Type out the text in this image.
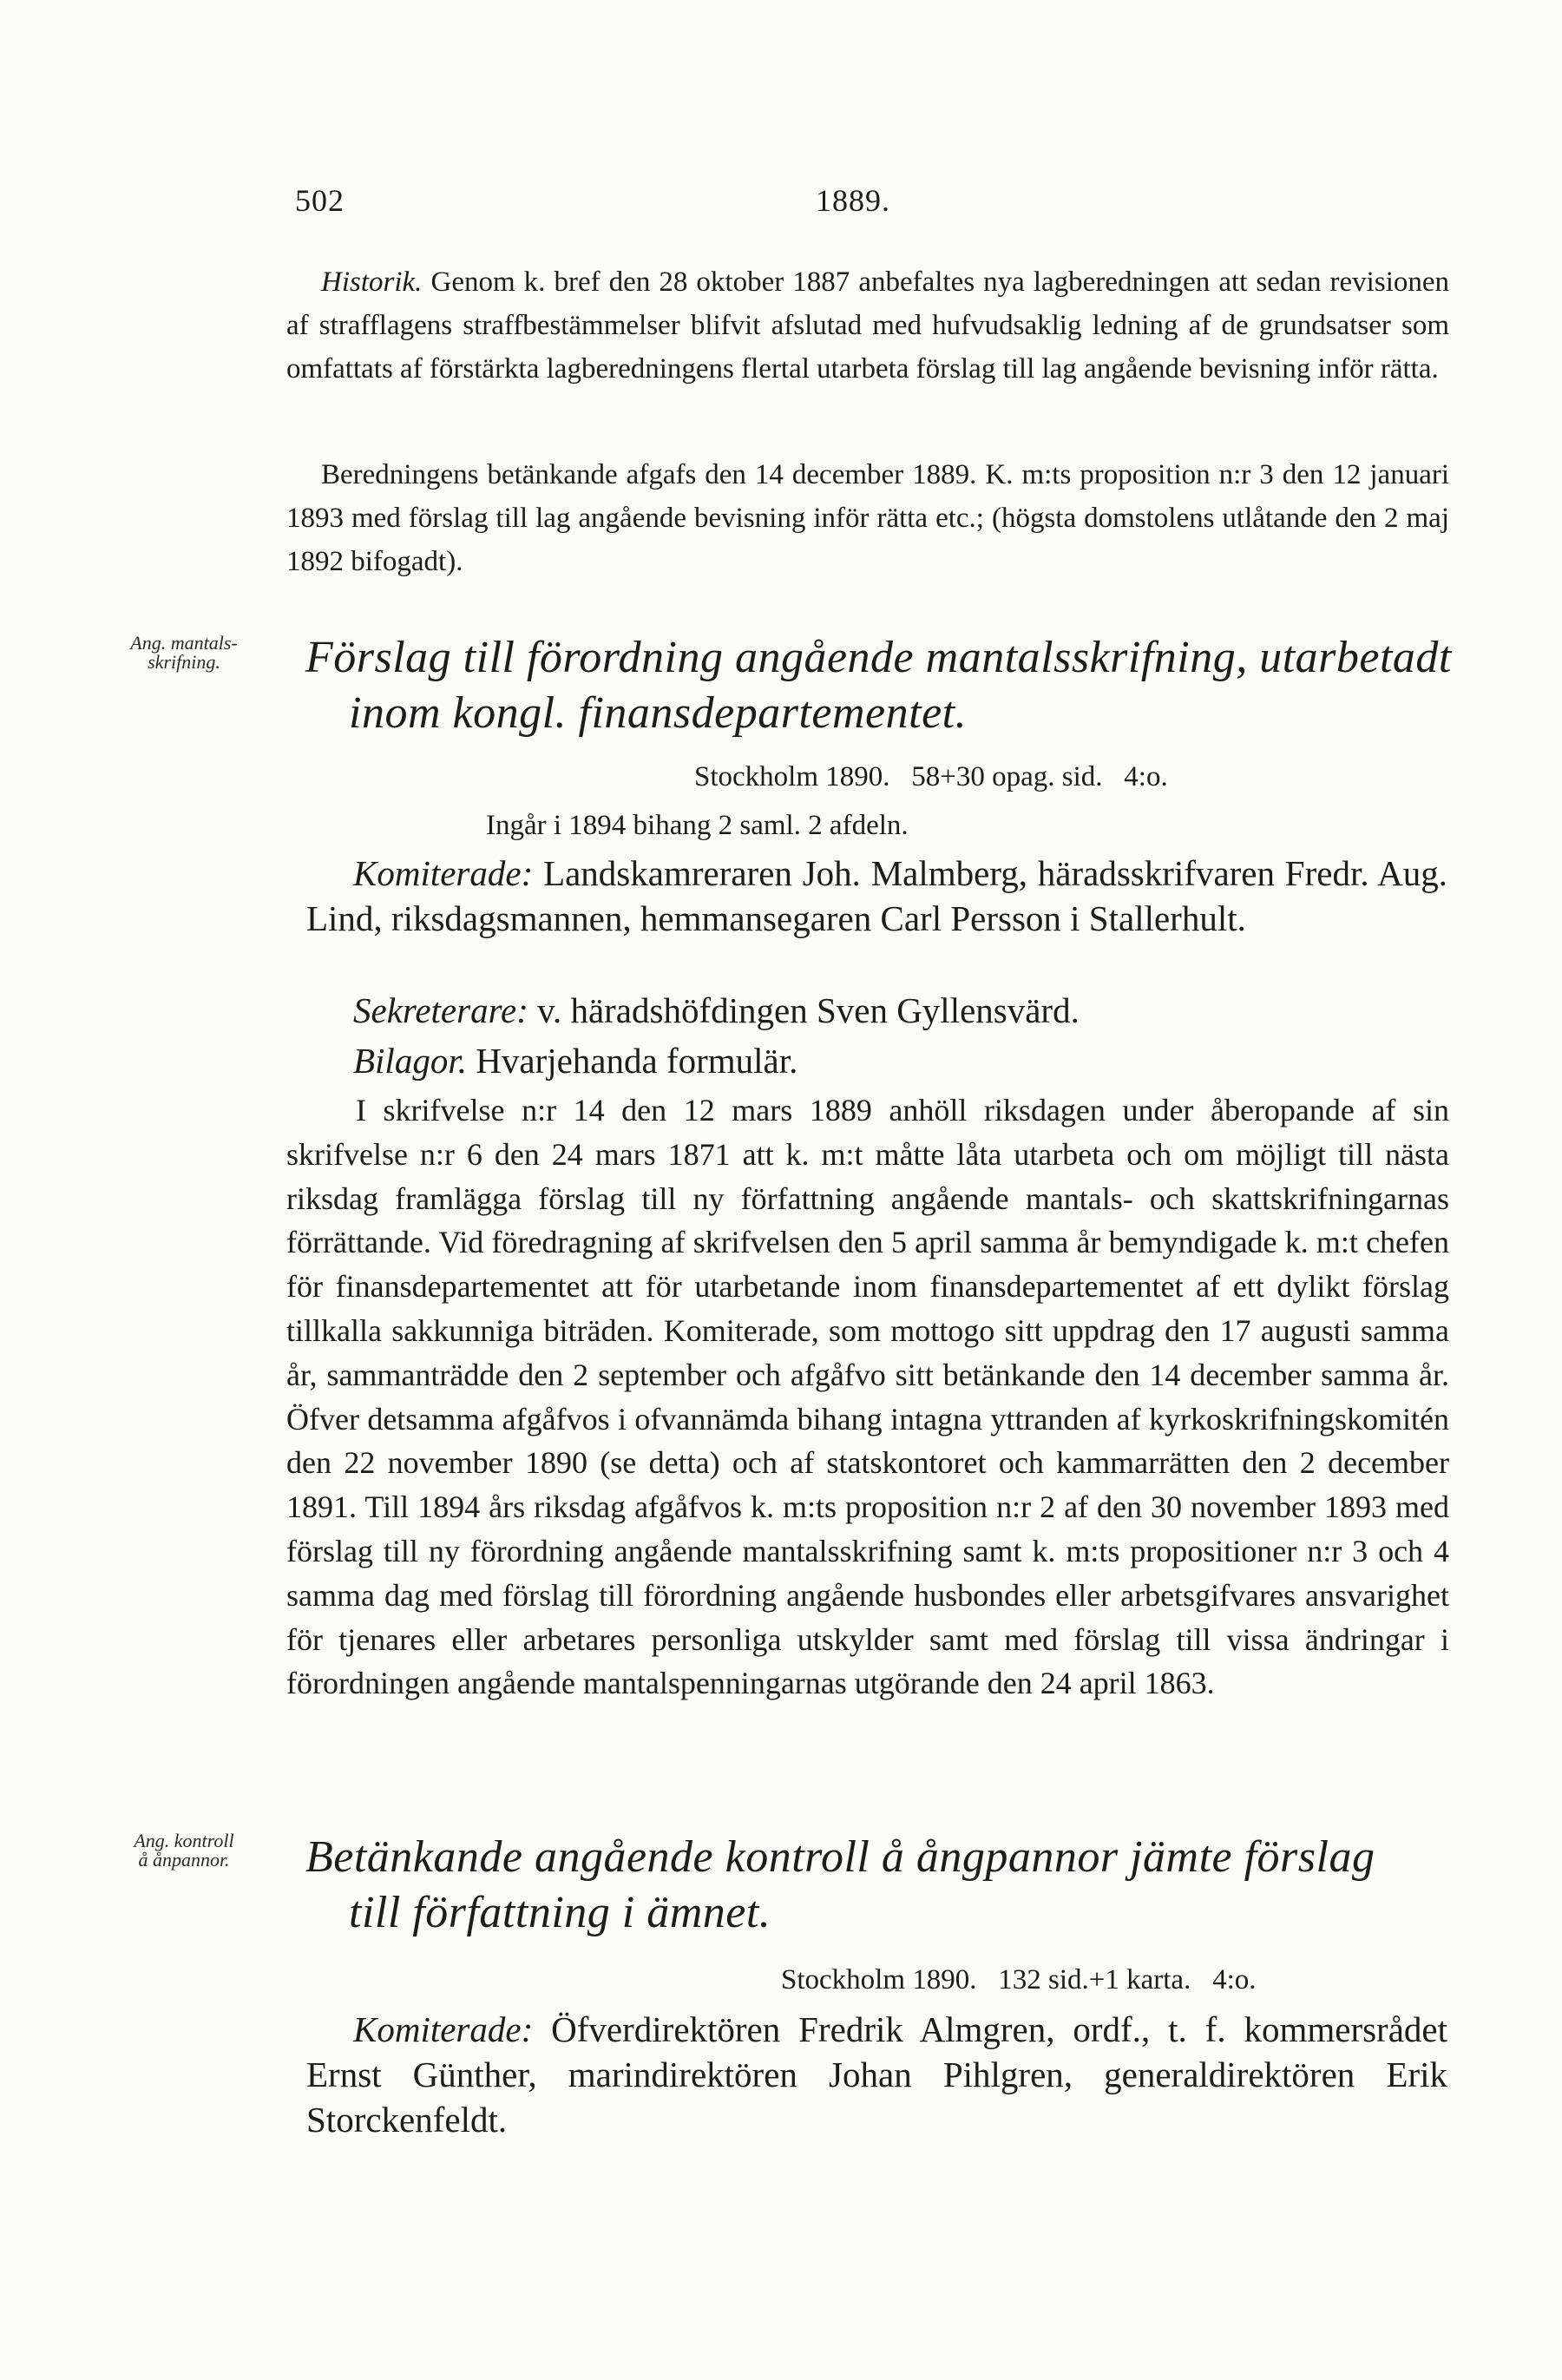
502	1889.

Historik. Genom k. bref den 28 oktober 1887 anbefaltes nya lagberedningen att sedan revisionen af strafflagens straffbestämmelser blifvit afslutad med hufvudsaklig ledning af de grundsatser som omfattats af förstärkta lagberedningens flertal utarbeta förslag till lag angående bevisning inför rätta.

Beredningens betänkande afgafs den 14 december 1889. K. m:ts proposition n:r 3 den 12 januari 1893 med förslag till lag angående bevisning inför rätta etc.; (högsta domstolens utlåtande den 2 maj 1892 bifogadt).

Ang. mantals-
skrifning.	Förslag till förordning angående mantalsskrifning, utarbetadt
inom kongl. finansdepartementet.

Stockholm 1890.   58+30 opag. sid.   4:o.

Ingår i 1894 bihang 2 saml. 2 afdeln.

Komiterade: Landskamreraren Joh. Malmberg, häradsskrifvaren Fredr. Aug. Lind, riksdagsmannen, hemmansegaren Carl Persson i Stallerhult.

Sekreterare: v. häradshöfdingen Sven Gyllensvärd.

Bilagor. Hvarjehanda formulär.

I skrifvelse n:r 14 den 12 mars 1889 anhöll riksdagen under åberopande af sin skrifvelse n:r 6 den 24 mars 1871 att k. m:t måtte låta utarbeta och om möjligt till nästa riksdag framlägga förslag till ny författning angående mantals- och skattskrifningarnas förrättande. Vid föredragning af skrifvelsen den 5 april samma år bemyndigade k. m:t chefen för finansdepartementet att för utarbetande inom finansdepartementet af ett dylikt förslag tillkalla sakkunniga biträden. Komiterade, som mottogo sitt uppdrag den 17 augusti samma år, sammanträdde den 2 september och afgåfvo sitt betänkande den 14 december samma år. Öfver detsamma afgåfvos i ofvannämda bihang intagna yttranden af kyrkoskrifningskomitén den 22 november 1890 (se detta) och af statskontoret och kammarrätten den 2 december 1891. Till 1894 års riksdag afgåfvos k. m:ts proposition n:r 2 af den 30 november 1893 med förslag till ny förordning angående mantalsskrifning samt k. m:ts propositioner n:r 3 och 4 samma dag med förslag till förordning angående husbondes eller arbetsgifvares ansvarighet för tjenares eller arbetares personliga utskylder samt med förslag till vissa ändringar i förordningen angående mantalspenningarnas utgörande den 24 april 1863.

Ang. kontroll
å ånpannor.	Betänkande angående kontroll å ångpannor jämte förslag
till författning i ämnet.

Stockholm 1890.   132 sid.+1 karta.   4:o.

Komiterade: Öfverdirektören Fredrik Almgren, ordf., t. f. kommersrådet Ernst Günther, marindirektören Johan Pihlgren, generaldirektören Erik Storckenfeldt.
